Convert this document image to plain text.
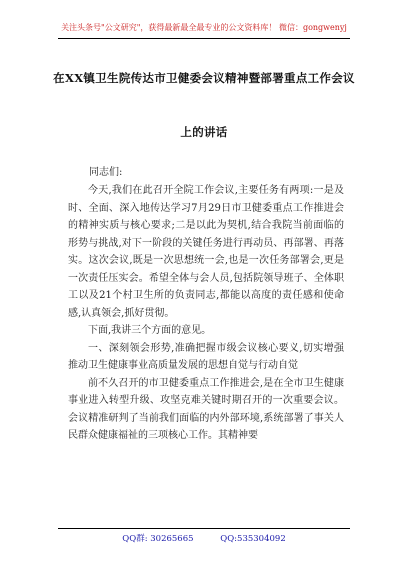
关注头条号"公文研究"，获得最新最全最专业的公文资料库！ 微信：gongwenyj
在XX镇卫生院传达市卫健委会议精神暨部署重点工作会议
上的讲话
同志们:

今天,我们在此召开全院工作会议,主要任务有两项:一是及时、全面、深入地传达学习7月29日市卫健委重点工作推进会的精神实质与核心要求;二是以此为契机,结合我院当前面临的形势与挑战,对下一阶段的关键任务进行再动员、再部署、再落实。这次会议,既是一次思想统一会,也是一次任务部署会,更是一次责任压实会。希望全体与会人员,包括院领导班子、全体职工以及21个村卫生所的负责同志,都能以高度的责任感和使命感,认真领会,抓好贯彻。

下面,我讲三个方面的意见。

一、深刻领会形势,准确把握市级会议核心要义,切实增强推动卫生健康事业高质量发展的思想自觉与行动自觉

前不久召开的市卫健委重点工作推进会,是在全市卫生健康事业进入转型升级、攻坚克难关键时期召开的一次重要会议。会议精准研判了当前我们面临的内外部环境,系统部署了事关人民群众健康福祉的三项核心工作。其精神要

QQ群: 30265665	QQ:535304092
